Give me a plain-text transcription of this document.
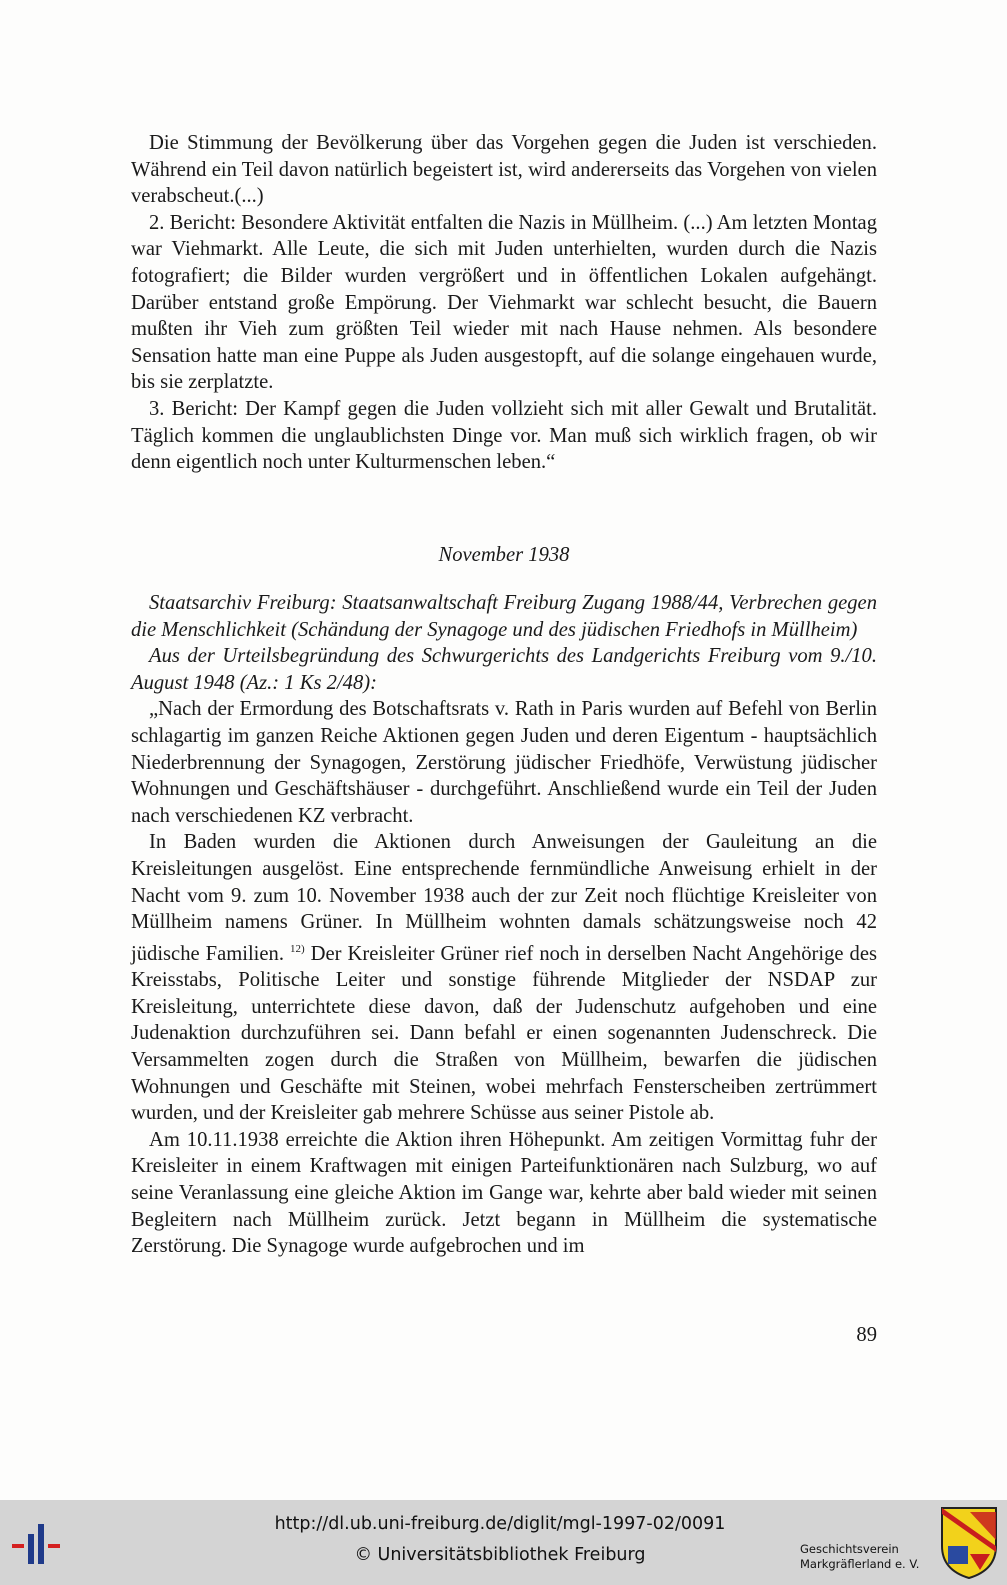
Die Stimmung der Bevölkerung über das Vorgehen gegen die Juden ist verschieden. Während ein Teil davon natürlich begeistert ist, wird andererseits das Vorgehen von vielen verabscheut.(...)

2. Bericht: Besondere Aktivität entfalten die Nazis in Müllheim. (...) Am letzten Montag war Viehmarkt. Alle Leute, die sich mit Juden unterhielten, wurden durch die Nazis fotografiert; die Bilder wurden vergrößert und in öffentlichen Lokalen aufgehängt. Darüber entstand große Empörung. Der Viehmarkt war schlecht besucht, die Bauern mußten ihr Vieh zum größten Teil wieder mit nach Hause nehmen. Als besondere Sensation hatte man eine Puppe als Juden ausgestopft, auf die solange eingehauen wurde, bis sie zerplatzte.

3. Bericht: Der Kampf gegen die Juden vollzieht sich mit aller Gewalt und Brutalität. Täglich kommen die unglaublichsten Dinge vor. Man muß sich wirklich fragen, ob wir denn eigentlich noch unter Kulturmenschen leben.“

November 1938

Staatsarchiv Freiburg: Staatsanwaltschaft Freiburg Zugang 1988/44, Verbrechen gegen die Menschlichkeit (Schändung der Synagoge und des jüdischen Friedhofs in Müllheim)

Aus der Urteilsbegründung des Schwurgerichts des Landgerichts Freiburg vom 9./10. August 1948 (Az.: 1 Ks 2/48):

„Nach der Ermordung des Botschaftsrats v. Rath in Paris wurden auf Befehl von Berlin schlagartig im ganzen Reiche Aktionen gegen Juden und deren Eigentum - hauptsächlich Niederbrennung der Synagogen, Zerstörung jüdischer Friedhöfe, Verwüstung jüdischer Wohnungen und Geschäftshäuser - durchgeführt. Anschließend wurde ein Teil der Juden nach verschiedenen KZ verbracht.

In Baden wurden die Aktionen durch Anweisungen der Gauleitung an die Kreisleitungen ausgelöst. Eine entsprechende fernmündliche Anweisung erhielt in der Nacht vom 9. zum 10. November 1938 auch der zur Zeit noch flüchtige Kreisleiter von Müllheim namens Grüner. In Müllheim wohnten damals schätzungsweise noch 42 jüdische Familien. $^{12)}$ Der Kreisleiter Grüner rief noch in derselben Nacht Angehörige des Kreisstabs, Politische Leiter und sonstige führende Mitglieder der NSDAP zur Kreisleitung, unterrichtete diese davon, daß der Judenschutz aufgehoben und eine Judenaktion durchzuführen sei. Dann befahl er einen sogenannten Judenschreck. Die Versammelten zogen durch die Straßen von Müllheim, bewarfen die jüdischen Wohnungen und Geschäfte mit Steinen, wobei mehrfach Fensterscheiben zertrümmert wurden, und der Kreisleiter gab mehrere Schüsse aus seiner Pistole ab.

Am 10.11.1938 erreichte die Aktion ihren Höhepunkt. Am zeitigen Vormittag fuhr der Kreisleiter in einem Kraftwagen mit einigen Parteifunktionären nach Sulzburg, wo auf seine Veranlassung eine gleiche Aktion im Gange war, kehrte aber bald wieder mit seinen Begleitern nach Müllheim zurück. Jetzt begann in Müllheim die systematische Zerstörung. Die Synagoge wurde aufgebrochen und im

89
http://dl.ub.uni-freiburg.de/diglit/mgl-1997-02/0091
© Universitätsbibliothek Freiburg	Geschichtsverein
Markgräflerland e. V.
